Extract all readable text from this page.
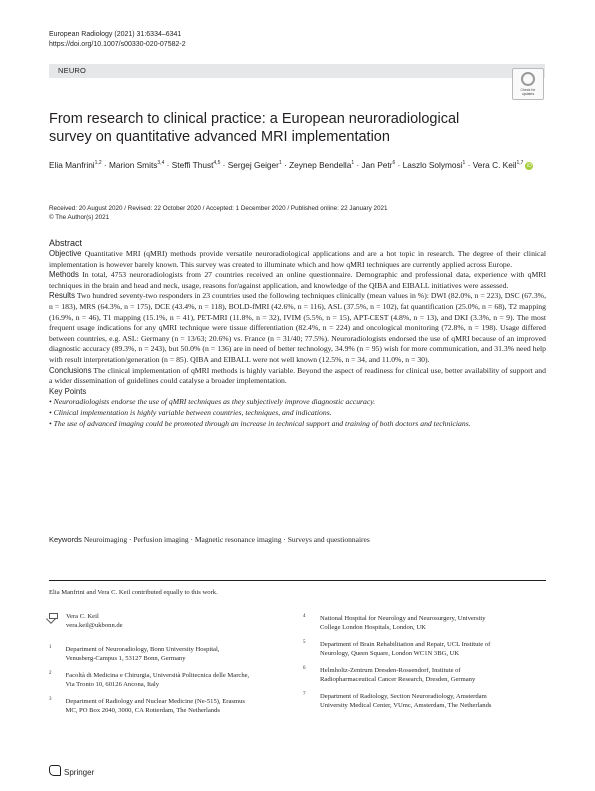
European Radiology (2021) 31:6334–6341
https://doi.org/10.1007/s00330-020-07582-2
NEURO
Check for
updates
From research to clinical practice: a European neuroradiological
survey on quantitative advanced MRI implementation
Elia Manfrini$^{1,2}$ · Marion Smits$^{3,4}$ · Steffi Thust$^{4,5}$ · Sergej Geiger$^1$ · Zeynep Bendella$^1$ · Jan Petr$^6$ · Laszlo Solymosi$^1$ · Vera C. Keil$^{1,7}$ iD
Received: 20 August 2020 / Revised: 22 October 2020 / Accepted: 1 December 2020 / Published online: 22 January 2021
© The Author(s) 2021
Abstract

Objective Quantitative MRI (qMRI) methods provide versatile neuroradiological applications and are a hot topic in research. The degree of their clinical implementation is however barely known. This survey was created to illuminate which and how qMRI techniques are currently applied across Europe.

Methods In total, 4753 neuroradiologists from 27 countries received an online questionnaire. Demographic and professional data, experience with qMRI techniques in the brain and head and neck, usage, reasons for/against application, and knowledge of the QIBA and EIBALL initiatives were assessed.

Results Two hundred seventy-two responders in 23 countries used the following techniques clinically (mean values in %): DWI (82.0%, n = 223), DSC (67.3%, n = 183), MRS (64.3%, n = 175), DCE (43.4%, n = 118), BOLD-fMRI (42.6%, n = 116), ASL (37.5%, n = 102), fat quantification (25.0%, n = 68), T2 mapping (16.9%, n = 46), T1 mapping (15.1%, n = 41), PET-MRI (11.8%, n = 32), IVIM (5.5%, n = 15), APT-CEST (4.8%, n = 13), and DKI (3.3%, n = 9). The most frequent usage indications for any qMRI technique were tissue differentiation (82.4%, n = 224) and oncological monitoring (72.8%, n = 198). Usage differed between countries, e.g. ASL: Germany (n = 13/63; 20.6%) vs. France (n = 31/40; 77.5%). Neuroradiologists endorsed the use of qMRI because of an improved diagnostic accuracy (89.3%, n = 243), but 50.0% (n = 136) are in need of better technology, 34.9% (n = 95) wish for more communication, and 31.3% need help with result interpretation/generation (n = 85). QIBA and EIBALL were not well known (12.5%, n = 34, and 11.0%, n = 30).

Conclusions The clinical implementation of qMRI methods is highly variable. Beyond the aspect of readiness for clinical use, better availability of support and a wider dissemination of guidelines could catalyse a broader implementation.

Key Points

• Neuroradiologists endorse the use of qMRI techniques as they subjectively improve diagnostic accuracy.

• Clinical implementation is highly variable between countries, techniques, and indications.

• The use of advanced imaging could be promoted through an increase in technical support and training of both doctors and technicians.

Keywords Neuroimaging · Perfusion imaging · Magnetic resonance imaging · Surveys and questionnaires
Elia Manfrini and Vera C. Keil contributed equally to this work.
Vera C. Keil
vera.keil@ukbonn.de
1	Department of Neuroradiology, Bonn University Hospital,
Venusberg-Campus 1, 53127 Bonn, Germany
2	Facoltà di Medicina e Chirurgia, Università Politecnica delle Marche,
Via Tronto 10, 60126 Ancona, Italy
3	Department of Radiology and Nuclear Medicine (Ne-515), Erasmus
MC, PO Box 2040, 3000, CA Rotterdam, The Netherlands
4	National Hospital for Neurology and Neurosurgery, University
College London Hospitals, London, UK
5	Department of Brain Rehabilitation and Repair, UCL Institute of
Neurology, Queen Square, London WC1N 3BG, UK
6	Helmholtz-Zentrum Dresden-Rossendorf, Institute of
Radiopharmaceutical Cancer Research, Dresden, Germany
7	Department of Radiology, Section Neuroradiology, Amsterdam
University Medical Center, VUmc, Amsterdam, The Netherlands
Springer
